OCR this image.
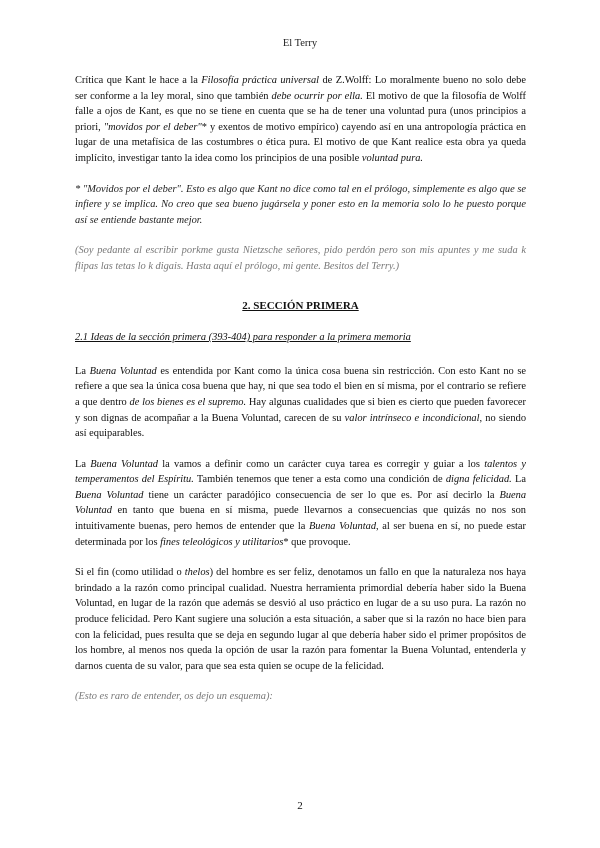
El Terry

Crítica que Kant le hace a la Filosofía práctica universal de Z.Wolff: Lo moralmente bueno no solo debe ser conforme a la ley moral, sino que también debe ocurrir por ella. El motivo de que la filosofía de Wolff falle a ojos de Kant, es que no se tiene en cuenta que se ha de tener una voluntad pura (unos principios a priori, "movidos por el deber"* y exentos de motivo empírico) cayendo así en una antropología práctica en lugar de una metafísica de las costumbres o ética pura. El motivo de que Kant realice esta obra ya queda implícito, investigar tanto la idea como los principios de una posible voluntad pura.

* "Movidos por el deber". Esto es algo que Kant no dice como tal en el prólogo, simplemente es algo que se infiere y se implica. No creo que sea bueno jugársela y poner esto en la memoria solo lo he puesto porque así se entiende bastante mejor.

(Soy pedante al escribir porkme gusta Nietzsche señores, pido perdón pero son mis apuntes y me suda k flipas las tetas lo k digais. Hasta aquí el prólogo, mi gente. Besitos del Terry.)

2. SECCIÓN PRIMERA
2.1 Ideas de la sección primera (393-404) para responder a la primera memoria

La Buena Voluntad es entendida por Kant como la única cosa buena sin restricción. Con esto Kant no se refiere a que sea la única cosa buena que hay, ni que sea todo el bien en sí misma, por el contrario se refiere a que dentro de los bienes es el supremo. Hay algunas cualidades que si bien es cierto que pueden favorecer y son dignas de acompañar a la Buena Voluntad, carecen de su valor intrínseco e incondicional, no siendo así equiparables.

La Buena Voluntad la vamos a definir como un carácter cuya tarea es corregir y guiar a los talentos y temperamentos del Espíritu. También tenemos que tener a esta como una condición de digna felicidad. La Buena Voluntad tiene un carácter paradójico consecuencia de ser lo que es. Por así decirlo la Buena Voluntad en tanto que buena en sí misma, puede llevarnos a consecuencias que quizás no nos son intuitivamente buenas, pero hemos de entender que la Buena Voluntad, al ser buena en sí, no puede estar determinada por los fines teleológicos y utilitarios* que provoque.

Si el fin (como utilidad o thelos) del hombre es ser feliz, denotamos un fallo en que la naturaleza nos haya brindado a la razón como principal cualidad. Nuestra herramienta primordial debería haber sido la Buena Voluntad, en lugar de la razón que además se desvió al uso práctico en lugar de a su uso pura. La razón no produce felicidad. Pero Kant sugiere una solución a esta situación, a saber que si la razón no hace bien para con la felicidad, pues resulta que se deja en segundo lugar al que debería haber sido el primer propósitos de los hombre, al menos nos queda la opción de usar la razón para fomentar la Buena Voluntad, entenderla y darnos cuenta de su valor, para que sea esta quien se ocupe de la felicidad.

(Esto es raro de entender, os dejo un esquema):

2
